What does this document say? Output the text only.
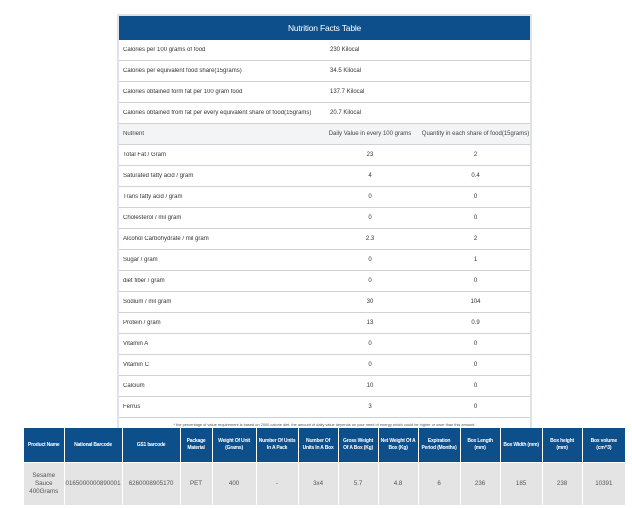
Nutrition Facts Table
Calories per 100 grams of food	230 Kilocal
Calories per equivalent food share(15grams)	34.5 Kilocal
Calories obtained form fat per 100 gram food	137.7 Kilocal
Calories obtained from fat per every equivalent share of food(15grams)	20.7 Kilocal
Nutrient	Daily Value in every 100 grams	Quantity in each share of food(15grams)
Total Fat / Gram	23	2
Saturated fatty acid / gram	4	0.4
Trans fatty acid / gram	0	0
Cholesterol / mil gram	0	0
Alcohol Carbohydrate / mil gram	2.3	2
Sugar / gram	0	1
diet fiber / gram	0	0
Sodium / mil gram	30	104
Protein / gram	13	0.9
Vitamin A	0	0
Vitamin C	0	0
Calcium	10	0
Ferrus	3	0
* the percentage of value requirement is based on 2000 calorie diet. the amount of daily value depends on your need of energy which could be higher or ower than this amount.
Product Name	National Barcode	GS1 barcode	Package Material	Weight Of Unit (Grams)	Number Of Units In A Pack	Number Of Units In A Box	Gross Weight Of A Box (Kg)	Net Weight Of A Box (Kg)	Expiration Period (Months)	Box Length (mm)	Box Width (mm)	Box height (mm)	Box volume (cm^3)
Sesame Sauce 400Grams	0165000000890001	6260008905170	PET	400	-	3x4	5.7	4.8	6	236	185	238	10391
